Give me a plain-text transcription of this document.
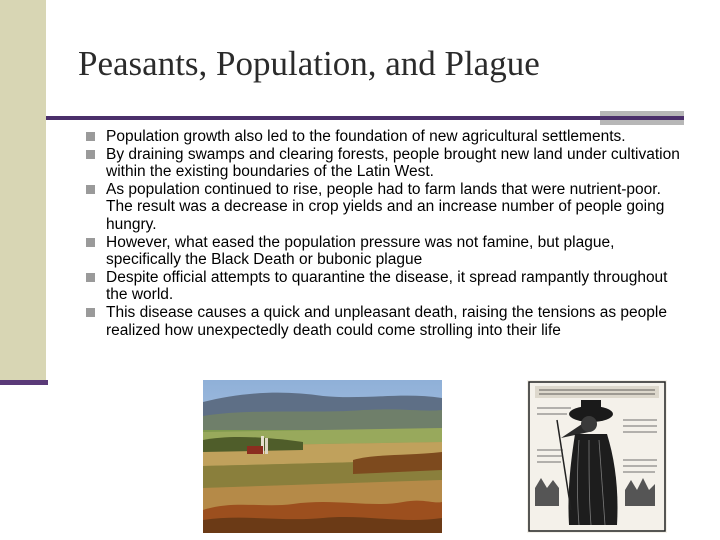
Peasants, Population, and Plague
Population growth also led to the foundation of new agricultural settlements.
By draining swamps and clearing forests, people brought new land under cultivation within the existing boundaries of the Latin West.
As population continued to rise, people had to farm lands that were nutrient-poor. The result was a decrease in crop yields and an increase number of people going hungry.
However, what eased the population pressure was not famine, but plague, specifically the Black Death or bubonic plague
Despite official attempts to quarantine the disease, it spread rampantly throughout the world.
This disease causes a quick and unpleasant death, raising the tensions as people realized how unexpectedly death could come strolling into their life
